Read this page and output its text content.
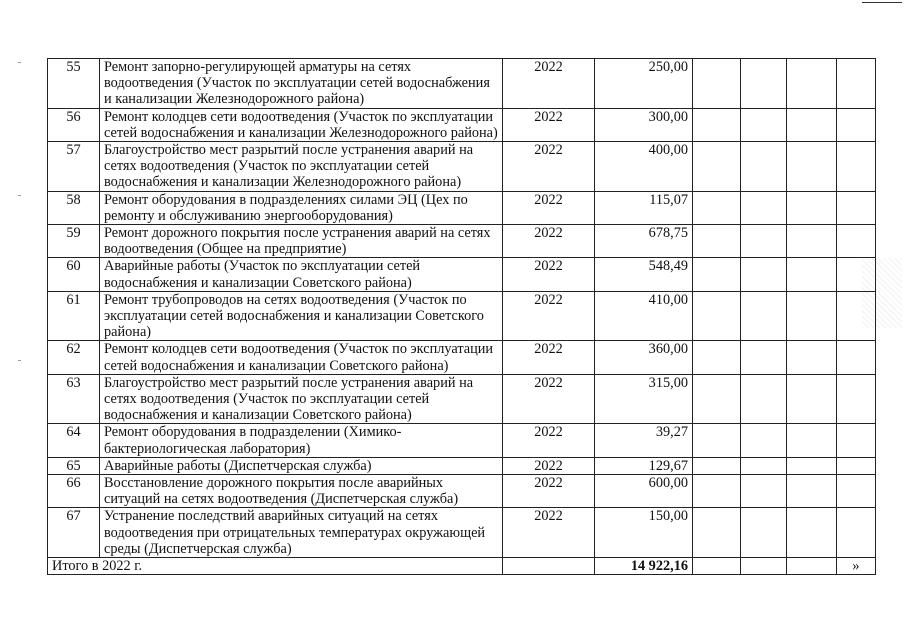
55	Ремонт запорно-регулирующей арматуры на сетях водоотведения (Участок по эксплуатации сетей водоснабжения и канализации Железнодорожного района)	2022	250,00				
56	Ремонт колодцев сети водоотведения (Участок по эксплуатации сетей водоснабжения и канализации Железнодорожного района)	2022	300,00				
57	Благоустройство мест разрытий после устранения аварий на сетях водоотведения (Участок по эксплуатации сетей водоснабжения и канализации Железнодорожного района)	2022	400,00				
58	Ремонт оборудования в подразделениях силами ЭЦ (Цех по ремонту и обслуживанию энергооборудования)	2022	115,07				
59	Ремонт дорожного покрытия после устранения аварий на сетях водоотведения (Общее на предприятие)	2022	678,75				
60	Аварийные работы (Участок по эксплуатации сетей водоснабжения и канализации Советского района)	2022	548,49				
61	Ремонт трубопроводов на сетях водоотведения (Участок по эксплуатации сетей водоснабжения и канализации Советского района)	2022	410,00				
62	Ремонт колодцев сети водоотведения (Участок по эксплуатации сетей водоснабжения и канализации Советского района)	2022	360,00				
63	Благоустройство мест разрытий после устранения аварий на сетях водоотведения (Участок по эксплуатации сетей водоснабжения и канализации Советского района)	2022	315,00				
64	Ремонт оборудования в подразделении (Химико-бактериологическая лаборатория)	2022	39,27				
65	Аварийные работы (Диспетчерская служба)	2022	129,67				
66	Восстановление дорожного покрытия после аварийных ситуаций на сетях водоотведения (Диспетчерская служба)	2022	600,00				
67	Устранение последствий аварийных ситуаций на сетях водоотведения при отрицательных температурах окружающей среды (Диспетчерская служба)	2022	150,00				
Итого в 2022 г.			14 922,16				»
